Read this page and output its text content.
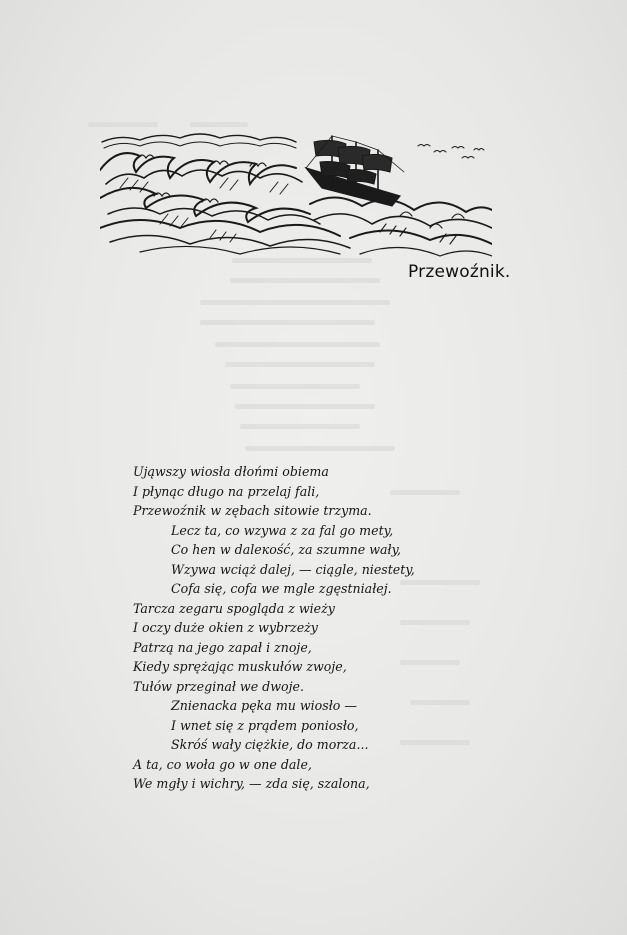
Przewoźnik.
Ująwszy wiosła dłońmi obiema
I płynąc długo na przelaj fali,
Przewoźnik w zębach sitowie trzyma.
Lecz ta, co wzywa z za fal go mety,
Co hen w daleкość, za szumne wały,
Wzywa wciąż dalej, — ciągle, niestety,
Cofa się, cofa we mgle zgęstniałej.
Tarcza zegaru spogląda z wieży
I oczy duże okien z wybrzeży
Patrzą na jego zapał i znoje,
Kiedy sprężając muskułów zwoje,
Tułów przeginał we dwoje.
Znienacka pęka mu wiosło —
I wnet się z prądem poniosło,
Skróś wały ciężkie, do morza...
A ta, co woła go w one dale,
We mgły i wichry, — zda się, szalona,
